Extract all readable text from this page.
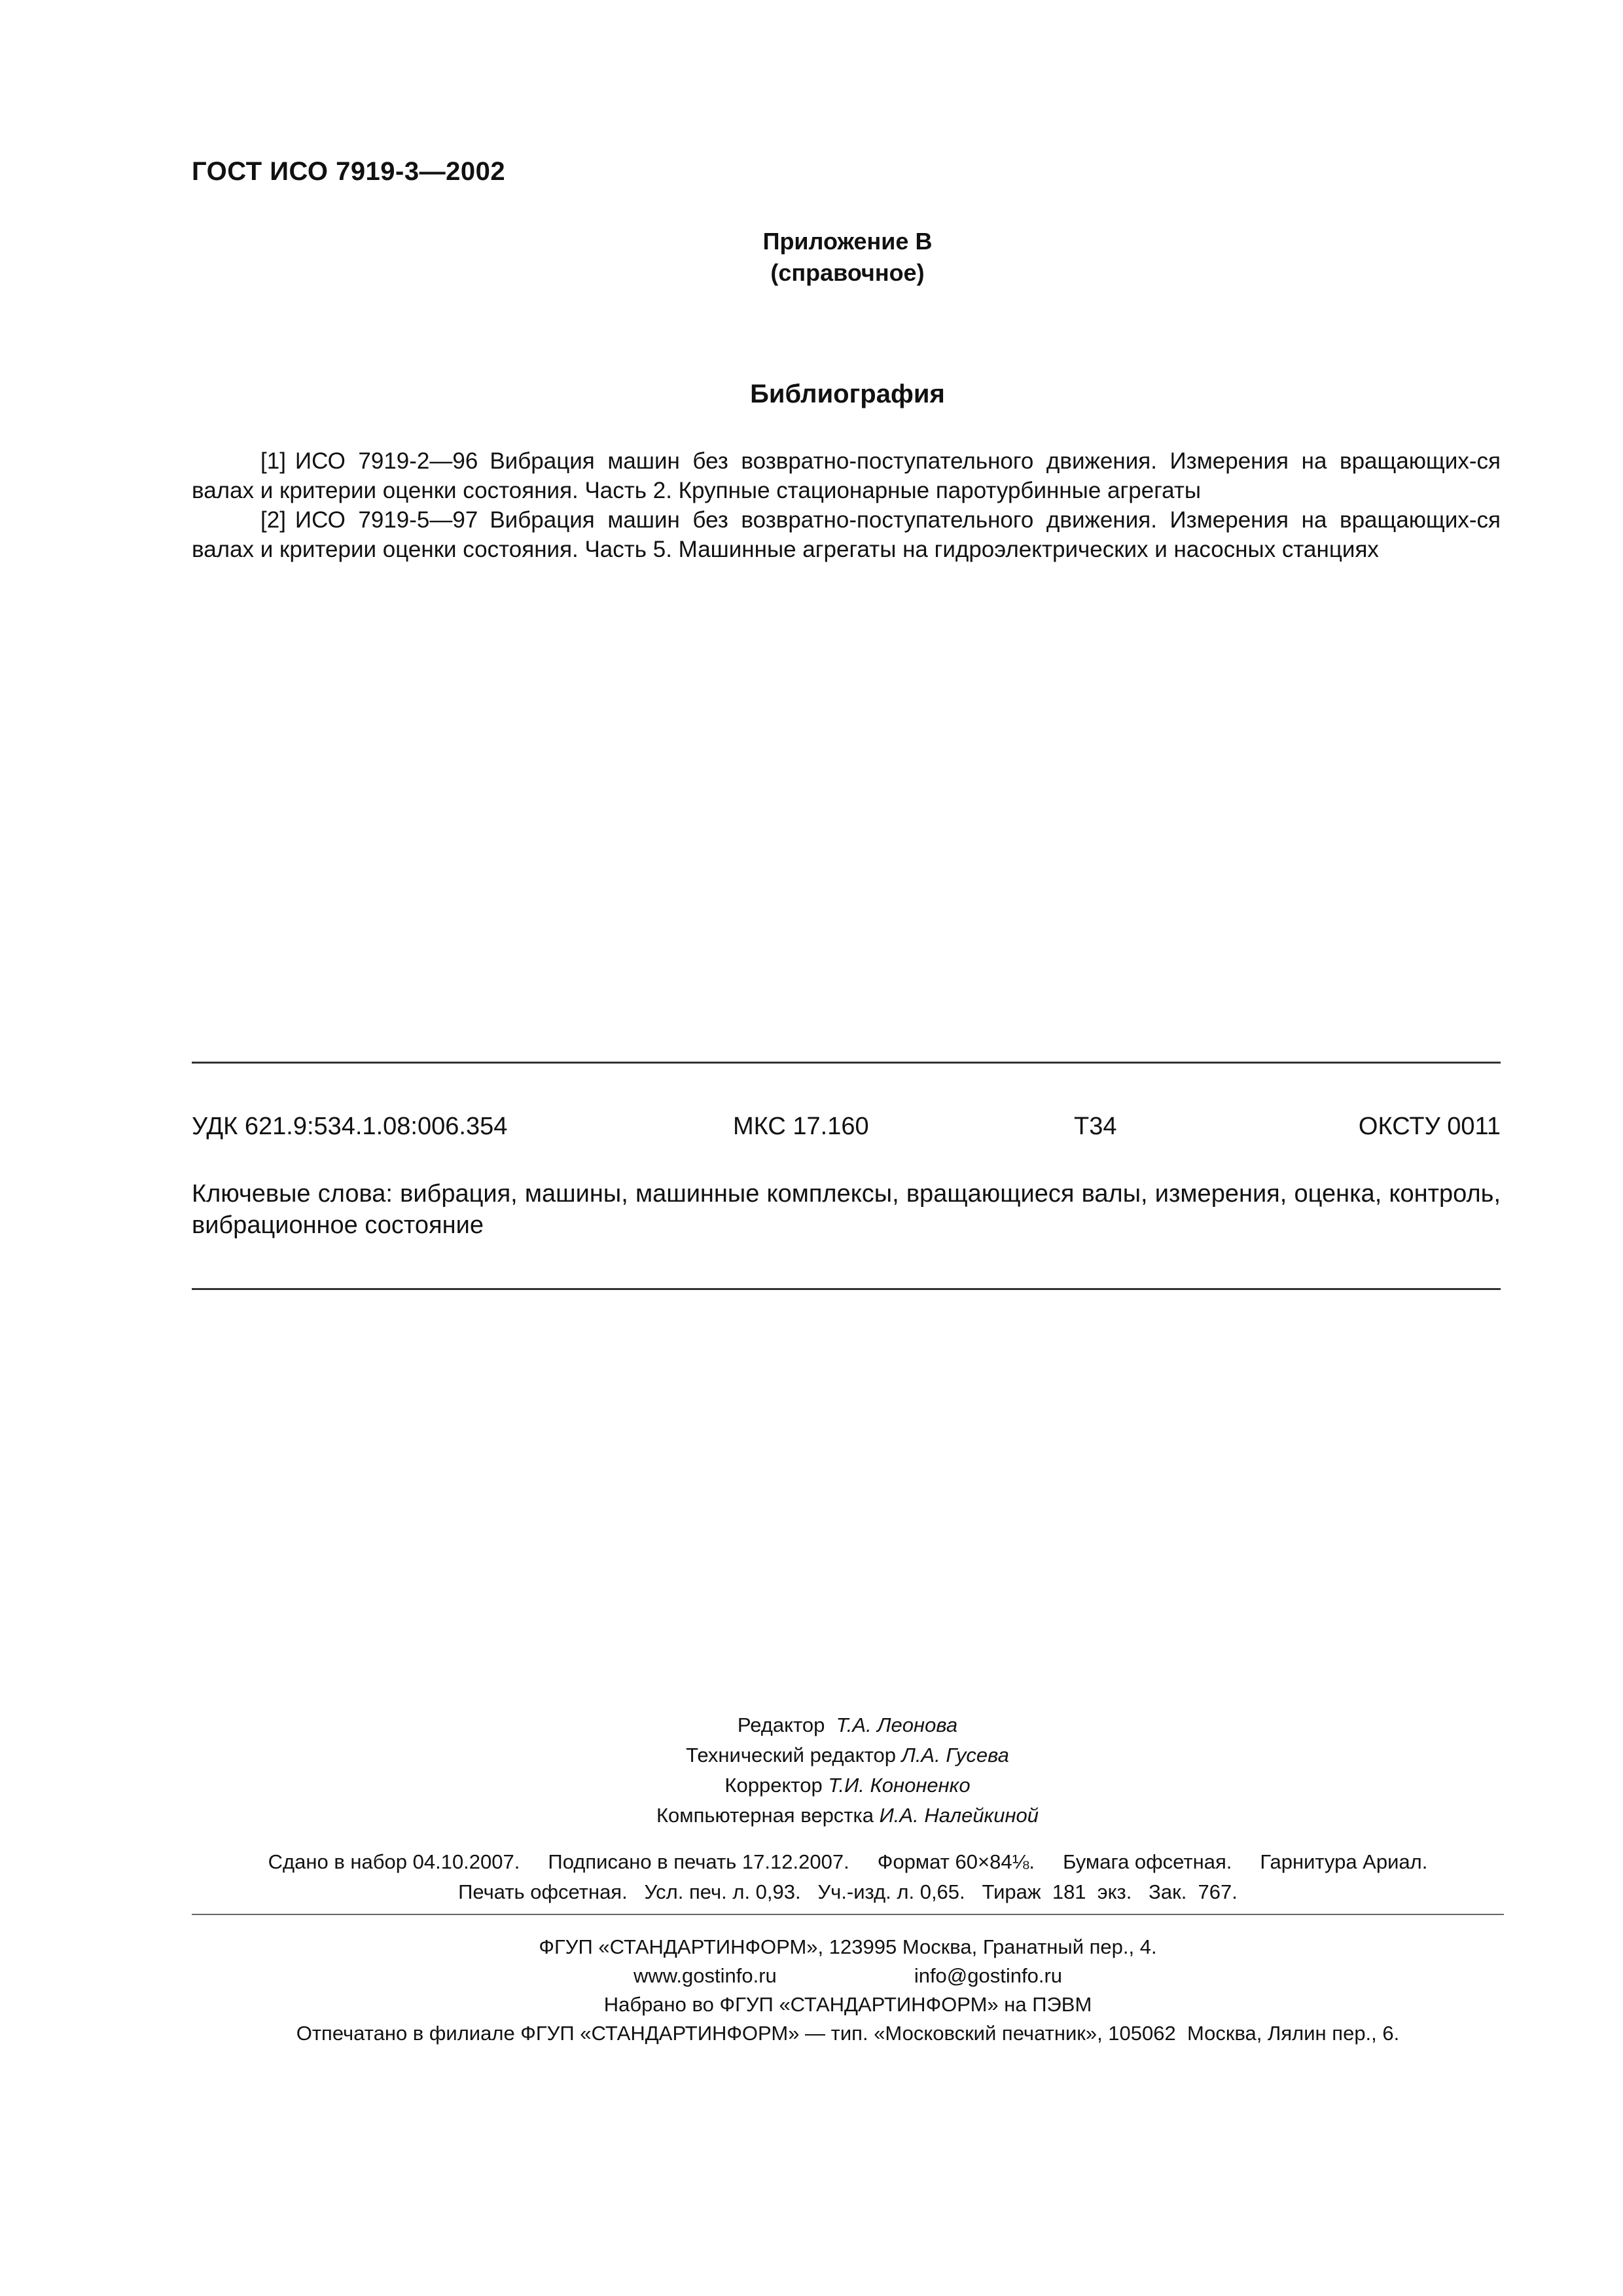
ГОСТ ИСО 7919-3—2002
Приложение В
(справочное)
Библиография

[1] ИСО 7919-2—96 Вибрация машин без возвратно-поступательного движения. Измерения на вращающих-ся валах и критерии оценки состояния. Часть 2. Крупные стационарные паротурбинные агрегаты

[2] ИСО 7919-5—97 Вибрация машин без возвратно-поступательного движения. Измерения на вращающих-ся валах и критерии оценки состояния. Часть 5. Машинные агрегаты на гидроэлектрических и насосных станциях

УДК 621.9:534.1.08:006.354	МКС 17.160	Т34	ОКСТУ 0011
Ключевые слова: вибрация, машины, машинные комплексы, вращающиеся валы, измерения, оценка, контроль, вибрационное состояние
Редактор Т.А. Леонова
Технический редактор Л.А. Гусева
Корректор Т.И. Кононенко
Компьютерная верстка И.А. Налейкиной
Сдано в набор 04.10.2007.     Подписано в печать 17.12.2007.     Формат 60×84⅛.     Бумага офсетная.     Гарнитура Ариал.
Печать офсетная.   Усл. печ. л. 0,93.   Уч.-изд. л. 0,65.   Тираж  181  экз.   Зак.  767.
ФГУП «СТАНДАРТИНФОРМ», 123995 Москва, Гранатный пер., 4.
www.gostinfo.ru	info@gostinfo.ru
Набрано во ФГУП «СТАНДАРТИНФОРМ» на ПЭВМ
Отпечатано в филиале ФГУП «СТАНДАРТИНФОРМ» — тип. «Московский печатник», 105062  Москва, Лялин пер., 6.
